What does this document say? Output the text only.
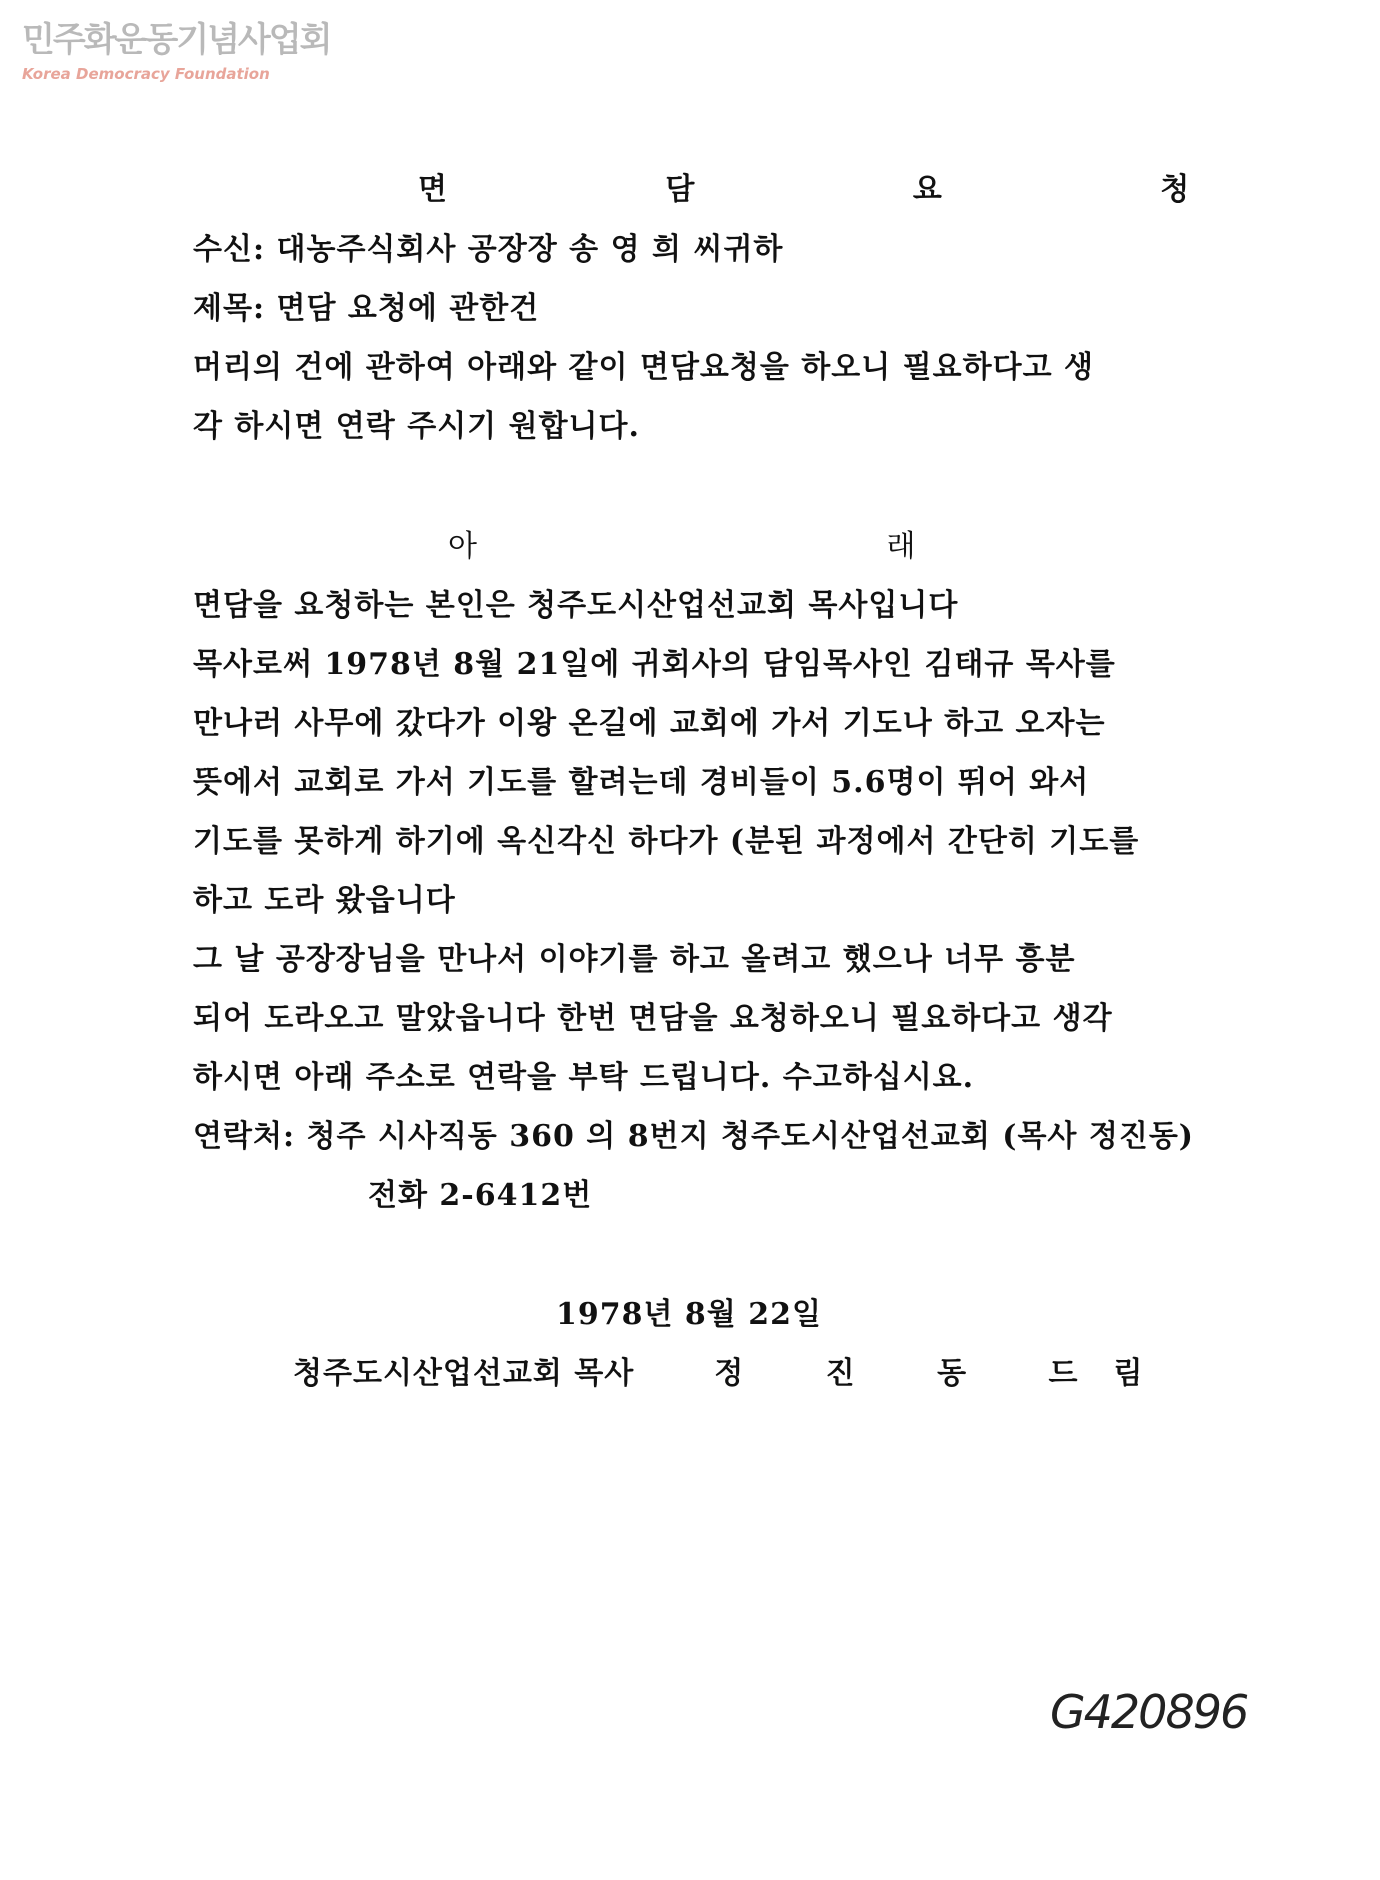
민주화운동기념사업회
Korea Democracy Foundation
면 담 요 청
수신: 대농주식회사 공장장 송 영 희 씨귀하
제목: 면담 요청에 관한건
머리의 건에 관하여 아래와 같이 면담요청을 하오니 필요하다고 생
각 하시면 연락 주시기 원합니다.
아 래
면담을 요청하는 본인은 청주도시산업선교회 목사입니다
목사로써 1978년 8월 21일에 귀회사의 담임목사인 김태규 목사를
만나러 사무에 갔다가 이왕 온길에 교회에 가서 기도나 하고 오자는
뜻에서 교회로 가서 기도를 할려는데 경비들이 5.6명이 뛰어 와서
기도를 못하게 하기에 옥신각신 하다가 (분된 과정에서 간단히 기도를
하고 도라 왔읍니다
그 날 공장장님을 만나서 이야기를 하고 올려고 했으나 너무 흥분
되어 도라오고 말았읍니다 한번 면담을 요청하오니 필요하다고 생각
하시면 아래 주소로 연락을 부탁 드립니다. 수고하십시요.
연락처: 청주 시사직동 360 의 8번지 청주도시산업선교회 (목사 정진동)
전화 2-6412번
1978년 8월 22일
청주도시산업선교회 목사	정 진 동 드림
G420896
